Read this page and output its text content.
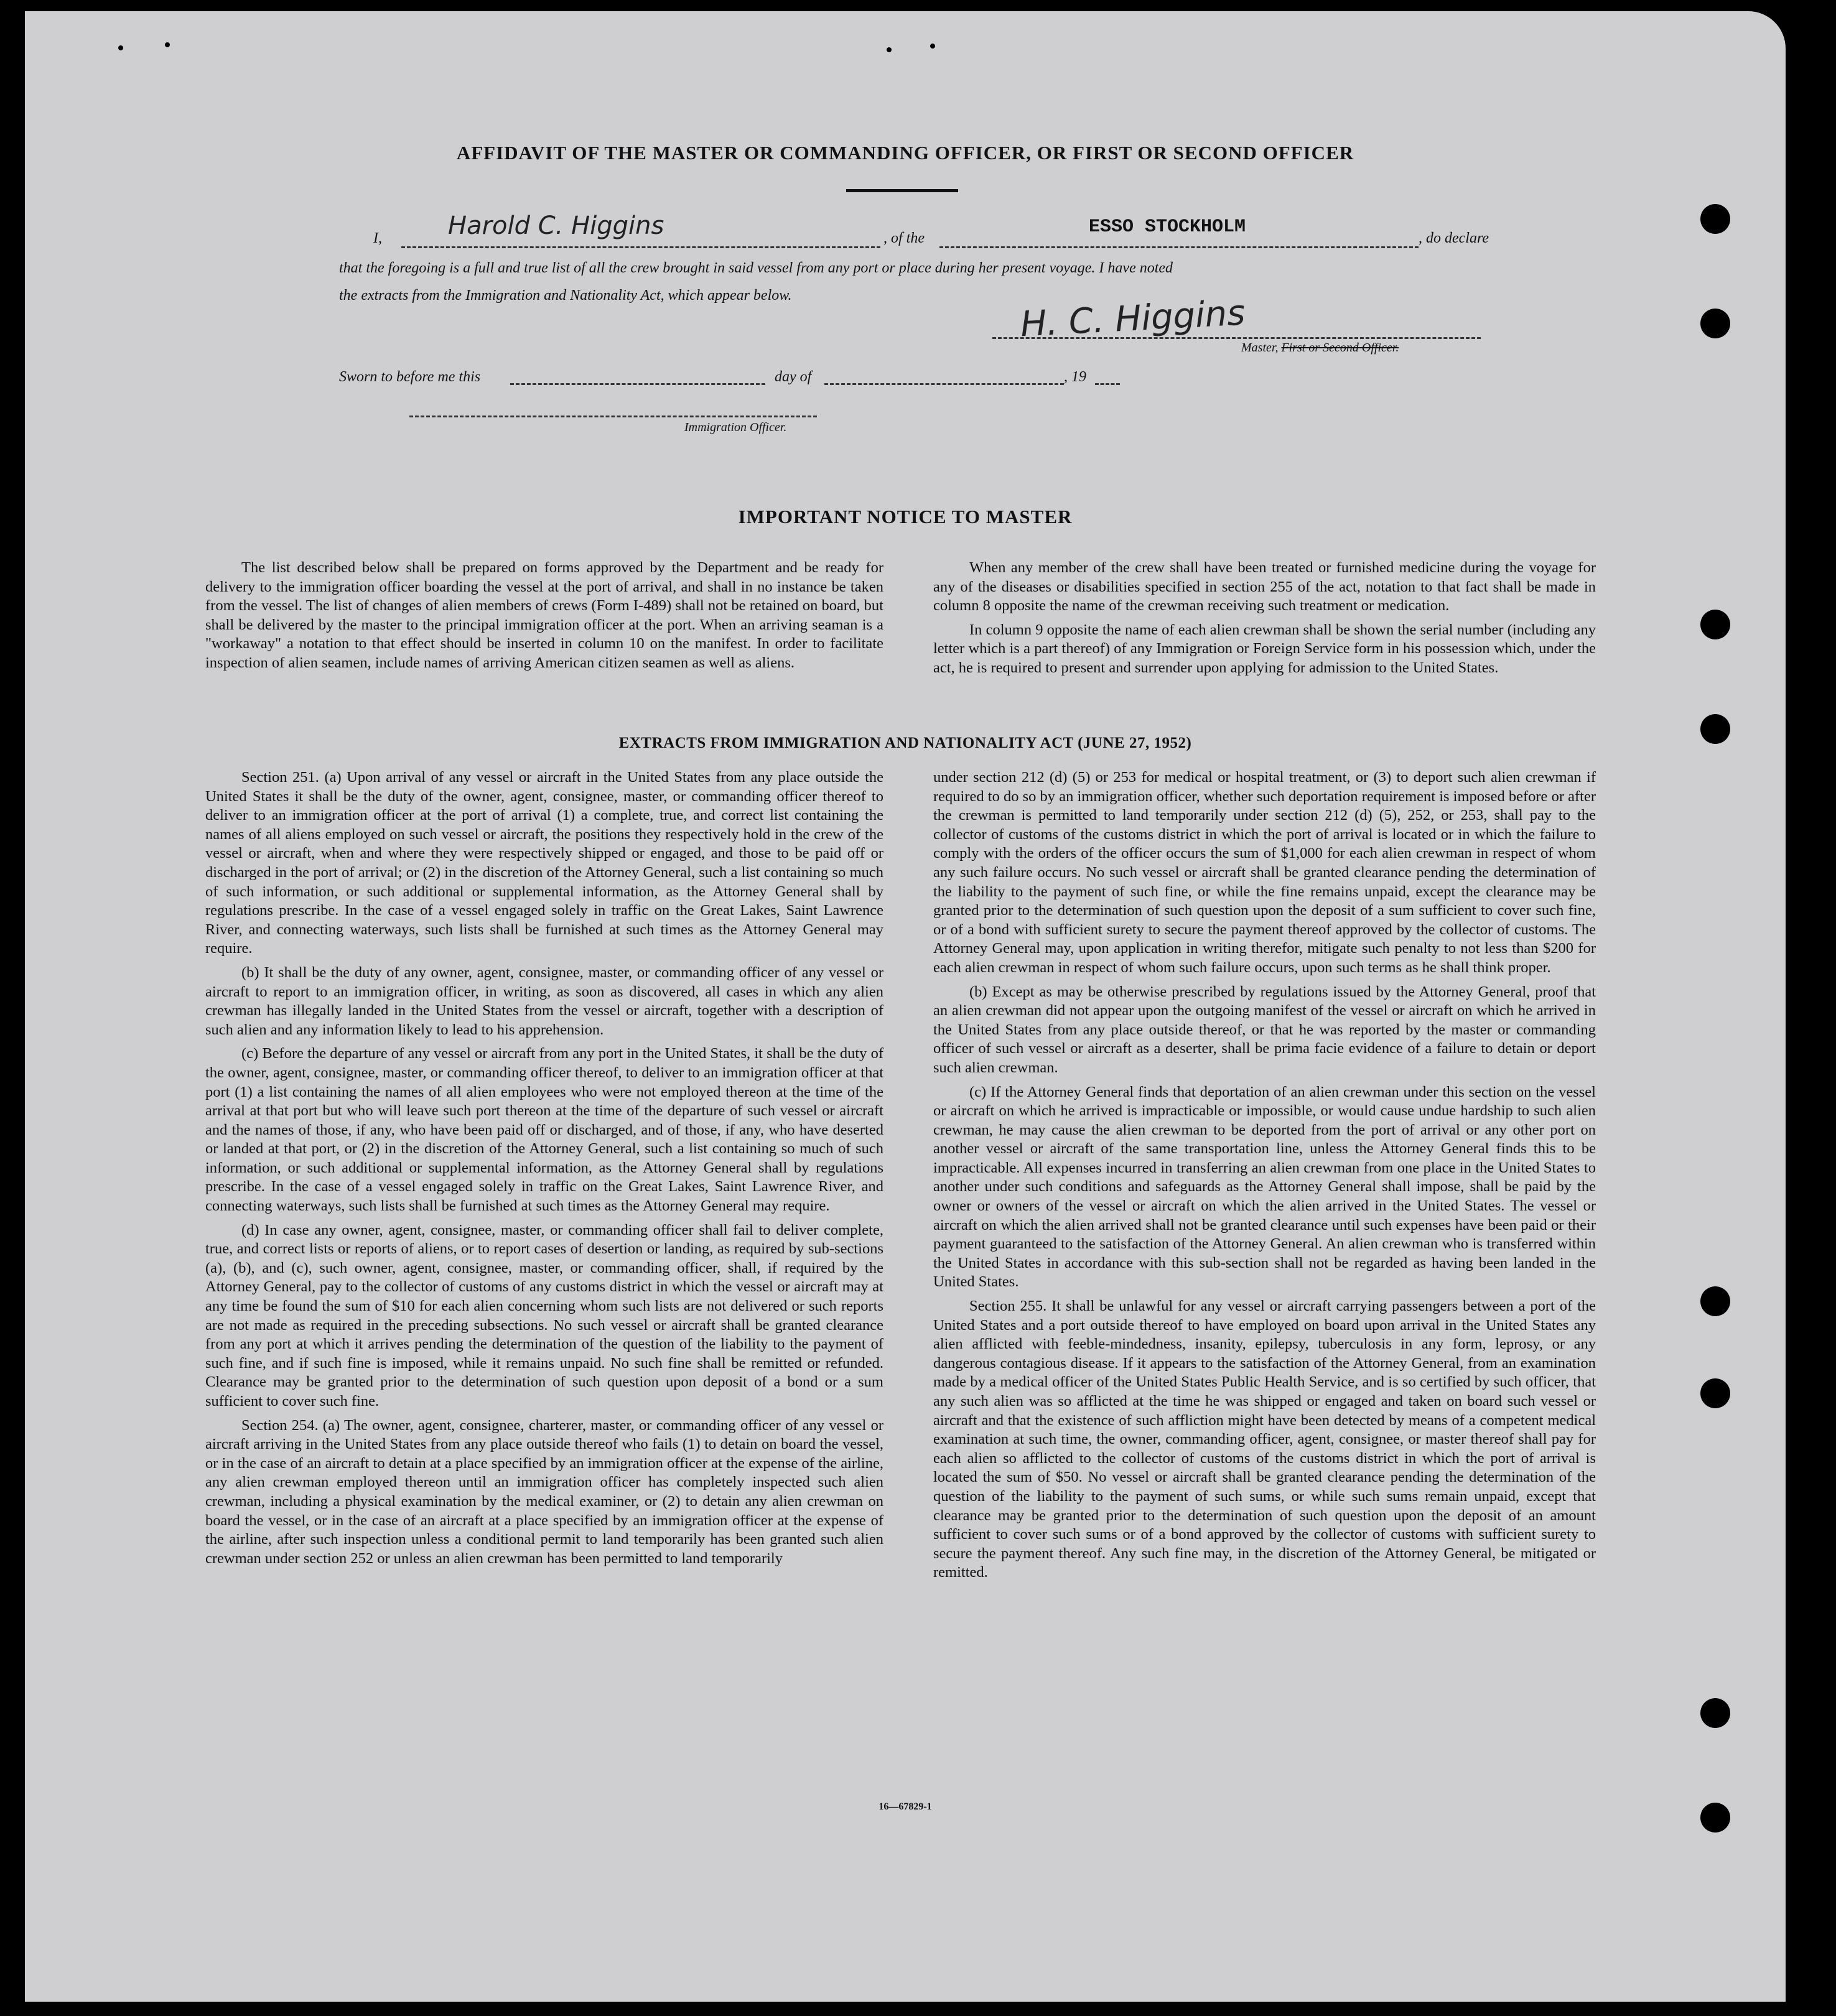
AFFIDAVIT OF THE MASTER OR COMMANDING OFFICER, OR FIRST OR SECOND OFFICER
I,	Harold C. Higgins	, of the
ESSO STOCKHOLM
, do declare
that the foregoing is a full and true list of all the crew brought in said vessel from any port or place during her present voyage. I have noted
the extracts from the Immigration and Nationality Act, which appear below.	H. C. Higgins
Master, First or Second Officer.
Sworn to before me this	day of	, 19
Immigration Officer.
IMPORTANT NOTICE TO MASTER

The list described below shall be prepared on forms approved by the Department and be ready for delivery to the immigration officer boarding the vessel at the port of arrival, and shall in no instance be taken from the vessel. The list of changes of alien members of crews (Form I-489) shall not be retained on board, but shall be delivered by the master to the principal immigration officer at the port. When an arriving seaman is a "workaway" a notation to that effect should be inserted in column 10 on the manifest. In order to facilitate inspection of alien seamen, include names of arriving American citizen seamen as well as aliens.

When any member of the crew shall have been treated or furnished medicine during the voyage for any of the diseases or disabilities specified in section 255 of the act, notation to that fact shall be made in column 8 opposite the name of the crewman receiving such treatment or medication.

In column 9 opposite the name of each alien crewman shall be shown the serial number (including any letter which is a part thereof) of any Immigration or Foreign Service form in his possession which, under the act, he is required to present and surrender upon applying for admission to the United States.

EXTRACTS FROM IMMIGRATION AND NATIONALITY ACT (JUNE 27, 1952)

Section 251. (a) Upon arrival of any vessel or aircraft in the United States from any place outside the United States it shall be the duty of the owner, agent, consignee, master, or commanding officer thereof to deliver to an immigration officer at the port of arrival (1) a complete, true, and correct list containing the names of all aliens employed on such vessel or aircraft, the positions they respectively hold in the crew of the vessel or aircraft, when and where they were respectively shipped or engaged, and those to be paid off or discharged in the port of arrival; or (2) in the discretion of the Attorney General, such a list containing so much of such information, or such additional or supplemental information, as the Attorney General shall by regulations prescribe. In the case of a vessel engaged solely in traffic on the Great Lakes, Saint Lawrence River, and connecting waterways, such lists shall be furnished at such times as the Attorney General may require.

(b) It shall be the duty of any owner, agent, consignee, master, or commanding officer of any vessel or aircraft to report to an immigration officer, in writing, as soon as discovered, all cases in which any alien crewman has illegally landed in the United States from the vessel or aircraft, together with a description of such alien and any information likely to lead to his apprehension.

(c) Before the departure of any vessel or aircraft from any port in the United States, it shall be the duty of the owner, agent, consignee, master, or commanding officer thereof, to deliver to an immigration officer at that port (1) a list containing the names of all alien employees who were not employed thereon at the time of the arrival at that port but who will leave such port thereon at the time of the departure of such vessel or aircraft and the names of those, if any, who have been paid off or discharged, and of those, if any, who have deserted or landed at that port, or (2) in the discretion of the Attorney General, such a list containing so much of such information, or such additional or supplemental information, as the Attorney General shall by regulations prescribe. In the case of a vessel engaged solely in traffic on the Great Lakes, Saint Lawrence River, and connecting waterways, such lists shall be furnished at such times as the Attorney General may require.

(d) In case any owner, agent, consignee, master, or commanding officer shall fail to deliver complete, true, and correct lists or reports of aliens, or to report cases of desertion or landing, as required by sub-sections (a), (b), and (c), such owner, agent, consignee, master, or commanding officer, shall, if required by the Attorney General, pay to the collector of customs of any customs district in which the vessel or aircraft may at any time be found the sum of $10 for each alien concerning whom such lists are not delivered or such reports are not made as required in the preceding subsections. No such vessel or aircraft shall be granted clearance from any port at which it arrives pending the determination of the question of the liability to the payment of such fine, and if such fine is imposed, while it remains unpaid. No such fine shall be remitted or refunded. Clearance may be granted prior to the determination of such question upon deposit of a bond or a sum sufficient to cover such fine.

Section 254. (a) The owner, agent, consignee, charterer, master, or commanding officer of any vessel or aircraft arriving in the United States from any place outside thereof who fails (1) to detain on board the vessel, or in the case of an aircraft to detain at a place specified by an immigration officer at the expense of the airline, any alien crewman employed thereon until an immigration officer has completely inspected such alien crewman, including a physical examination by the medical examiner, or (2) to detain any alien crewman on board the vessel, or in the case of an aircraft at a place specified by an immigration officer at the expense of the airline, after such inspection unless a conditional permit to land temporarily has been granted such alien crewman under section 252 or unless an alien crewman has been permitted to land temporarily

under section 212 (d) (5) or 253 for medical or hospital treatment, or (3) to deport such alien crewman if required to do so by an immigration officer, whether such deportation requirement is imposed before or after the crewman is permitted to land temporarily under section 212 (d) (5), 252, or 253, shall pay to the collector of customs of the customs district in which the port of arrival is located or in which the failure to comply with the orders of the officer occurs the sum of $1,000 for each alien crewman in respect of whom any such failure occurs. No such vessel or aircraft shall be granted clearance pending the determination of the liability to the payment of such fine, or while the fine remains unpaid, except the clearance may be granted prior to the determination of such question upon the deposit of a sum sufficient to cover such fine, or of a bond with sufficient surety to secure the payment thereof approved by the collector of customs. The Attorney General may, upon application in writing therefor, mitigate such penalty to not less than $200 for each alien crewman in respect of whom such failure occurs, upon such terms as he shall think proper.

(b) Except as may be otherwise prescribed by regulations issued by the Attorney General, proof that an alien crewman did not appear upon the outgoing manifest of the vessel or aircraft on which he arrived in the United States from any place outside thereof, or that he was reported by the master or commanding officer of such vessel or aircraft as a deserter, shall be prima facie evidence of a failure to detain or deport such alien crewman.

(c) If the Attorney General finds that deportation of an alien crewman under this section on the vessel or aircraft on which he arrived is impracticable or impossible, or would cause undue hardship to such alien crewman, he may cause the alien crewman to be deported from the port of arrival or any other port on another vessel or aircraft of the same transportation line, unless the Attorney General finds this to be impracticable. All expenses incurred in transferring an alien crewman from one place in the United States to another under such conditions and safeguards as the Attorney General shall impose, shall be paid by the owner or owners of the vessel or aircraft on which the alien arrived in the United States. The vessel or aircraft on which the alien arrived shall not be granted clearance until such expenses have been paid or their payment guaranteed to the satisfaction of the Attorney General. An alien crewman who is transferred within the United States in accordance with this sub-section shall not be regarded as having been landed in the United States.

Section 255. It shall be unlawful for any vessel or aircraft carrying passengers between a port of the United States and a port outside thereof to have employed on board upon arrival in the United States any alien afflicted with feeble-mindedness, insanity, epilepsy, tuberculosis in any form, leprosy, or any dangerous contagious disease. If it appears to the satisfaction of the Attorney General, from an examination made by a medical officer of the United States Public Health Service, and is so certified by such officer, that any such alien was so afflicted at the time he was shipped or engaged and taken on board such vessel or aircraft and that the existence of such affliction might have been detected by means of a competent medical examination at such time, the owner, commanding officer, agent, consignee, or master thereof shall pay for each alien so afflicted to the collector of customs of the customs district in which the port of arrival is located the sum of $50. No vessel or aircraft shall be granted clearance pending the determination of the question of the liability to the payment of such sums, or while such sums remain unpaid, except that clearance may be granted prior to the determination of such question upon the deposit of an amount sufficient to cover such sums or of a bond approved by the collector of customs with sufficient surety to secure the payment thereof. Any such fine may, in the discretion of the Attorney General, be mitigated or remitted.

16—67829-1
